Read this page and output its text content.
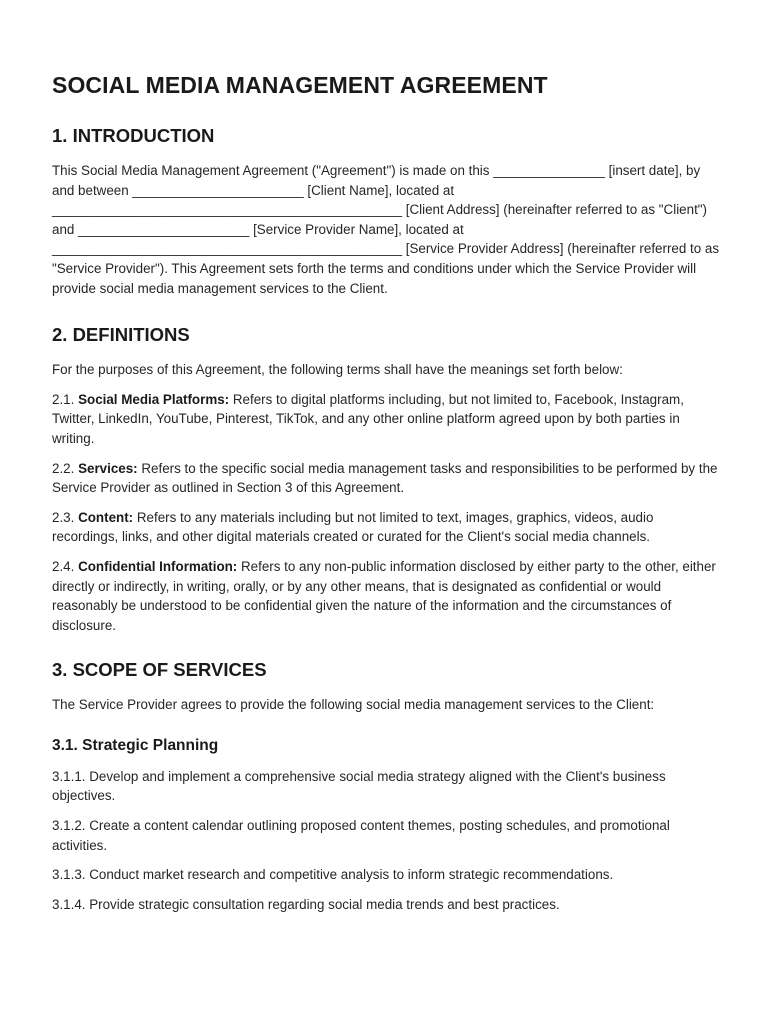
SOCIAL MEDIA MANAGEMENT AGREEMENT
1. INTRODUCTION

This Social Media Management Agreement ("Agreement") is made on this _______________ [insert date], by and between _______________________ [Client Name], located at _______________________________________________ [Client Address] (hereinafter referred to as "Client") and _______________________ [Service Provider Name], located at _______________________________________________ [Service Provider Address] (hereinafter referred to as "Service Provider"). This Agreement sets forth the terms and conditions under which the Service Provider will provide social media management services to the Client.

2. DEFINITIONS

For the purposes of this Agreement, the following terms shall have the meanings set forth below:

2.1. Social Media Platforms: Refers to digital platforms including, but not limited to, Facebook, Instagram, Twitter, LinkedIn, YouTube, Pinterest, TikTok, and any other online platform agreed upon by both parties in writing.

2.2. Services: Refers to the specific social media management tasks and responsibilities to be performed by the Service Provider as outlined in Section 3 of this Agreement.

2.3. Content: Refers to any materials including but not limited to text, images, graphics, videos, audio recordings, links, and other digital materials created or curated for the Client's social media channels.

2.4. Confidential Information: Refers to any non-public information disclosed by either party to the other, either directly or indirectly, in writing, orally, or by any other means, that is designated as confidential or would reasonably be understood to be confidential given the nature of the information and the circumstances of disclosure.

3. SCOPE OF SERVICES

The Service Provider agrees to provide the following social media management services to the Client:

3.1. Strategic Planning

3.1.1. Develop and implement a comprehensive social media strategy aligned with the Client's business objectives.

3.1.2. Create a content calendar outlining proposed content themes, posting schedules, and promotional activities.

3.1.3. Conduct market research and competitive analysis to inform strategic recommendations.

3.1.4. Provide strategic consultation regarding social media trends and best practices.
